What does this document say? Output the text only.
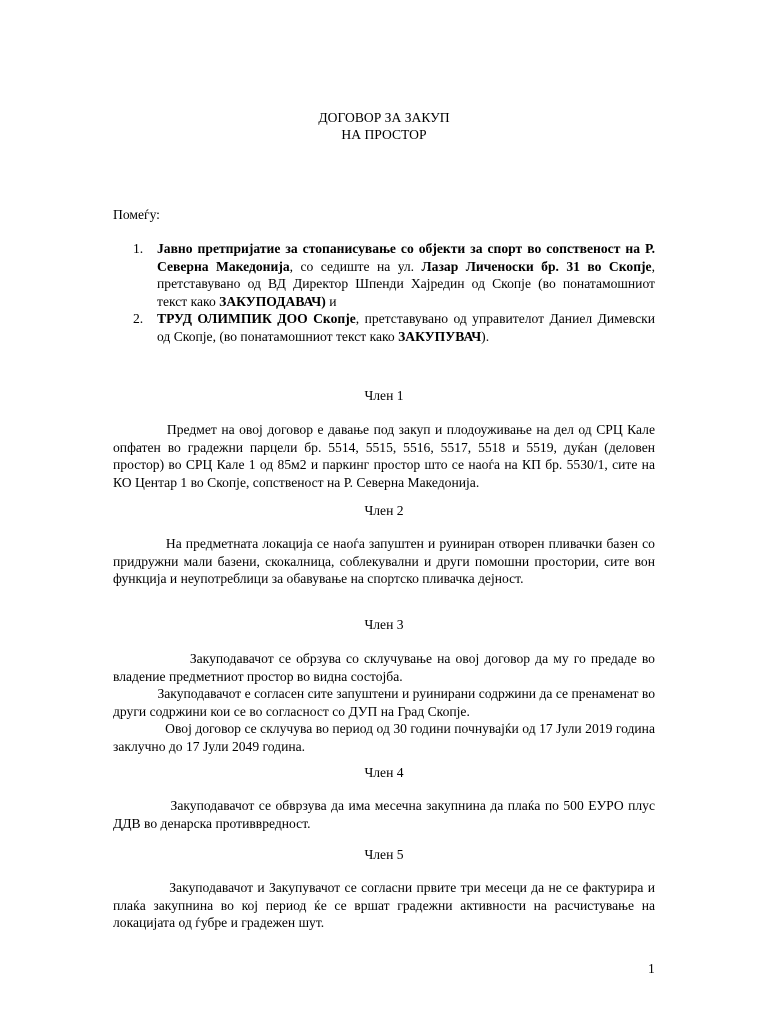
ДОГОВОР ЗА ЗАКУП
НА ПРОСТОР
Помеѓу:
1. Јавно претпријатие за стопанисување со објекти за спорт во сопственост на Р. Северна Македонија, со седиште на ул. Лазар Личеноски бр. 31 во Скопје, претставувано од ВД Директор Шпенди Хајредин од Скопје (во понатамошниот текст како ЗАКУПОДАВАЧ) и
2. ТРУД ОЛИМПИК ДОО Скопје, претставувано од управителот Даниел Димевски од Скопје, (во понатамошниот текст како ЗАКУПУВАЧ).
Член 1

Предмет на овој договор е давање под закуп и плодоуживање на дел од СРЦ Кале опфатен во градежни парцели бр. 5514, 5515, 5516, 5517, 5518 и 5519, дуќан (деловен простор) во СРЦ Кале 1 од 85м2 и паркинг простор што се наоѓа на КП бр. 5530/1, сите на КО Центар 1 во Скопје, сопственост на Р. Северна Македонија.

Член 2

На предметната локација се наоѓа запуштен и руиниран отворен пливачки базен со придружни мали базени, скокалница, соблекувални и други помошни простории, сите вон функција и неупотреблици за обавување на спортско пливачка дејност.

Член 3

Закуподавачот се обрзува со склучување на овој договор да му го предаде во владение предметниот простор во видна состојба.

Закуподавачот е согласен сите запуштени и руинирани содржини да се пренаменат во други содржини кои се во согласност со ДУП на Град Скопје.

Овој договор се склучува во период од 30 години почнувајќи од 17 Јули 2019 година заклучно до 17 Јули 2049 година.

Член 4

Закуподавачот се обврзува да има месечна закупнина да плаќа по 500 ЕУРО плус ДДВ во денарска противвредност.

Член 5

Закуподавачот и Закупувачот се согласни првите три месеци да не се фактурира и плаќа закупнина во кој период ќе се вршат градежни активности на расчистување на локацијата од ѓубре и градежен шут.

1
